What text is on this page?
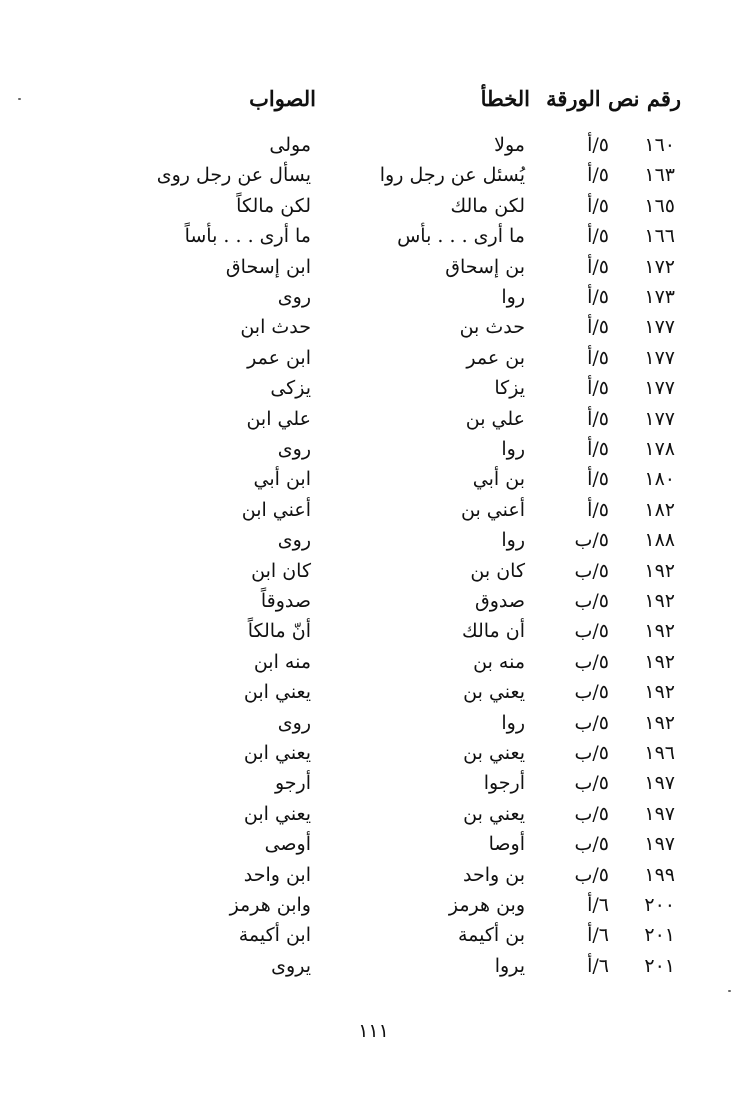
رقم نص الورقة
الخطأ
الصواب
١٦٠
٥/أ
مولا
مولى
١٦٣
٥/أ
يُسئل عن رجل روا
يسأل عن رجل روى
١٦٥
٥/أ
لكن مالك
لكن مالكاً
١٦٦
٥/أ
ما أرى . . . بأس
ما أرى . . . بأساً
١٧٢
٥/أ
بن إسحاق
ابن إسحاق
١٧٣
٥/أ
روا
روى
١٧٧
٥/أ
حدث بن
حدث ابن
١٧٧
٥/أ
بن عمر
ابن عمر
١٧٧
٥/أ
يزكا
يزكى
١٧٧
٥/أ
علي بن
علي ابن
١٧٨
٥/أ
روا
روى
١٨٠
٥/أ
بن أبي
ابن أبي
١٨٢
٥/أ
أعني بن
أعني ابن
١٨٨
٥/ب
روا
روى
١٩٢
٥/ب
كان بن
كان ابن
١٩٢
٥/ب
صدوق
صدوقاً
١٩٢
٥/ب
أن مالك
أنّ مالكاً
١٩٢
٥/ب
منه بن
منه ابن
١٩٢
٥/ب
يعني بن
يعني ابن
١٩٢
٥/ب
روا
روى
١٩٦
٥/ب
يعني بن
يعني ابن
١٩٧
٥/ب
أرجوا
أرجو
١٩٧
٥/ب
يعني بن
يعني ابن
١٩٧
٥/ب
أوصا
أوصى
١٩٩
٥/ب
بن واحد
ابن واحد
٢٠٠
٦/أ
وبن هرمز
وابن هرمز
٢٠١
٦/أ
بن أكيمة
ابن أكيمة
٢٠١
٦/أ
يروا
يروى
١١١
